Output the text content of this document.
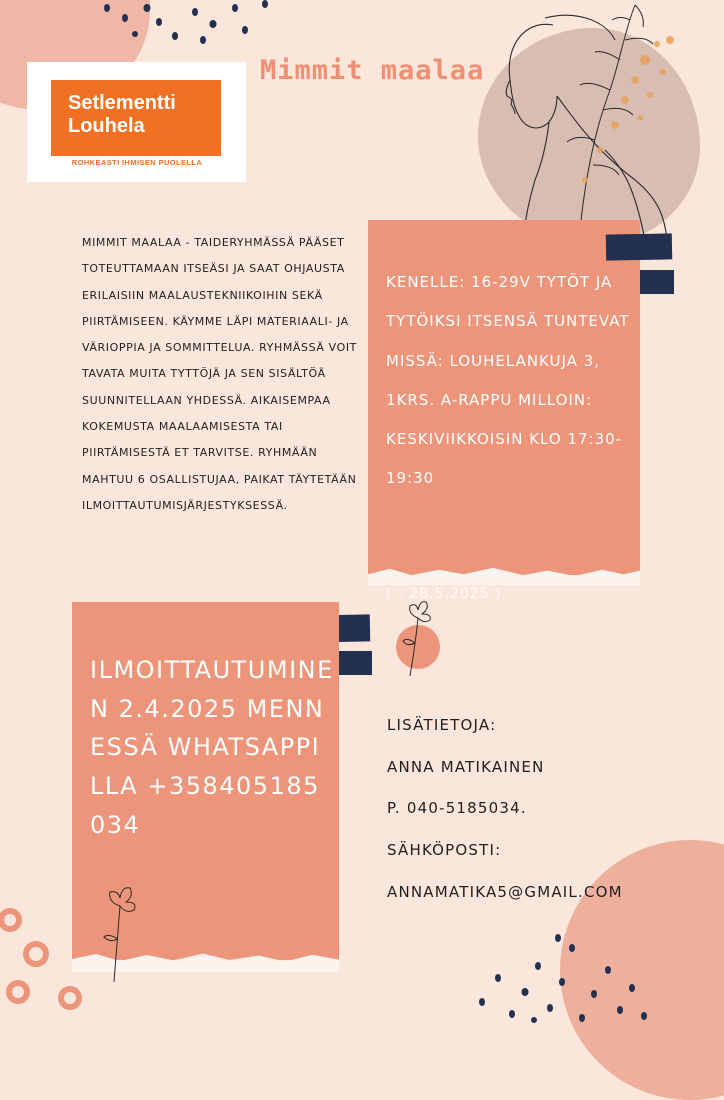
Setlementti
Louhela
ROHKEASTI IHMISEN PUOLELLA
Mimmit maalaa

MIMMIT MAALAA - TAIDERYHMÄSSÄ PÄÄSET TOTEUTTAMAAN ITSEÄSI JA SAAT OHJAUSTA ERILAISIIN MAALAUSTEKNIIKOIHIN SEKÄ PIIRTÄMISEEN. KÄYMME LÄPI MATERIAALI- JA VÄRIOPPIA JA SOMMITTELUA. RYHMÄSSÄ VOIT TAVATA MUITA TYTTÖJÄ JA SEN SISÄLTÖÄ SUUNNITELLAAN YHDESSÄ. AIKAISEMPAA KOKEMUSTA MAALAAMISESTA TAI PIIRTÄMISESTÄ ET TARVITSE. RYHMÄÄN MAHTUU 6 OSALLISTUJAA, PAIKAT TÄYTETÄÄN ILMOITTAUTUMISJÄRJESTYKSESSÄ.

KENELLE: 16-29V TYTÖT JA TYTÖIKSI ITSENSÄ TUNTEVAT MISSÄ: LOUHELANKUJA 3, 1KRS. A-RAPPU MILLOIN: KESKIVIIKKOISIN KLO 17:30-19:30

( - 28.5.2025 )

ILMOITTAUTUMINEN 2.4.2025 MENNESSÄ WHATSAPPILLA +358405185034

LISÄTIETOJA:
ANNA MATIKAINEN
P. 040-5185034.
SÄHKÖPOSTI:
ANNAMATIKA5@GMAIL.COM
